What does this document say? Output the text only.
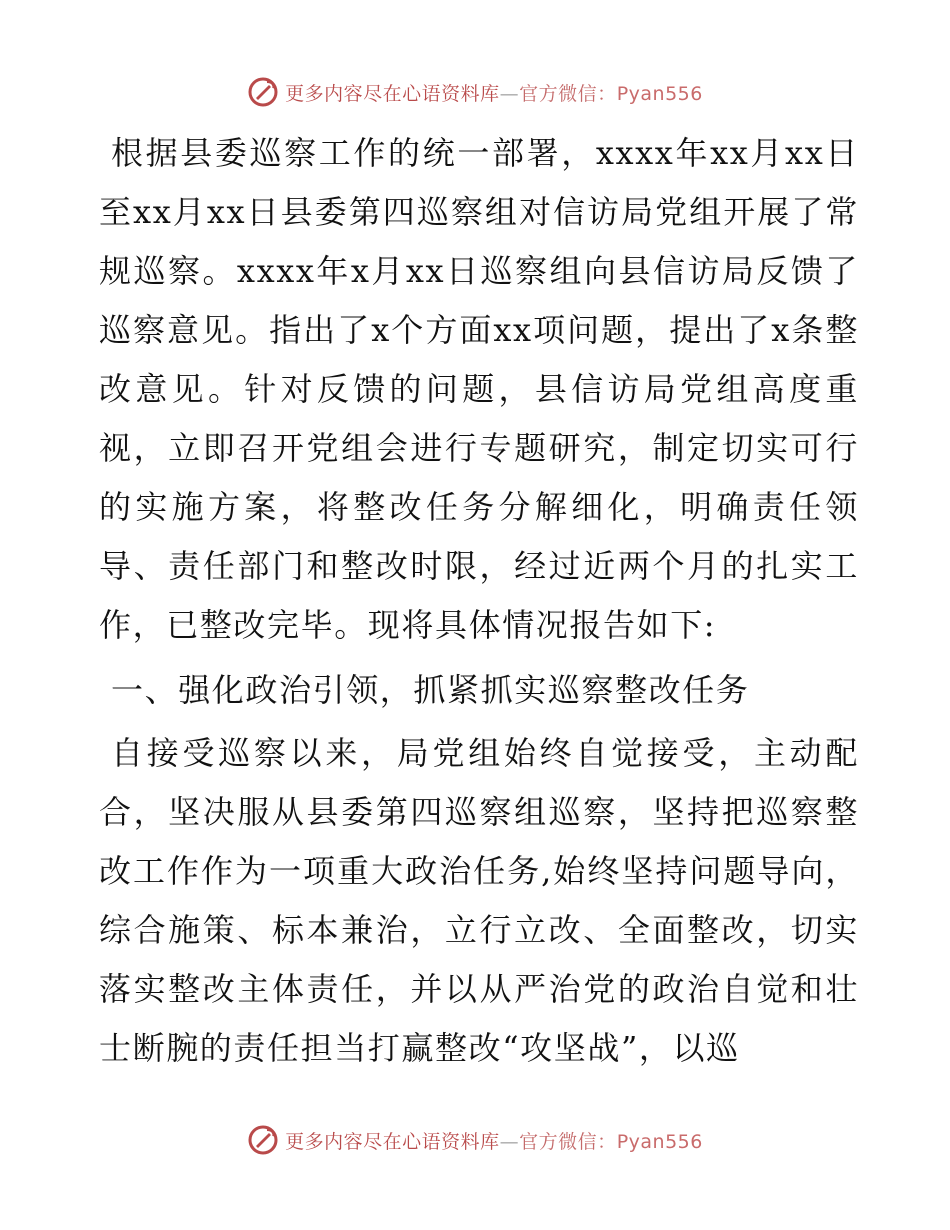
更多内容尽在心语资料库—官方微信：Pyan556

根据县委巡察工作的统一部署，xxxx年xx月xx日至xx月xx日县委第四巡察组对信访局党组开展了常规巡察。xxxx年x月xx日巡察组向县信访局反馈了巡察意见。指出了x个方面xx项问题，提出了x条整改意见。针对反馈的问题，县信访局党组高度重视，立即召开党组会进行专题研究，制定切实可行的实施方案，将整改任务分解细化，明确责任领导、责任部门和整改时限，经过近两个月的扎实工作，已整改完毕。现将具体情况报告如下:

一、强化政治引领，抓紧抓实巡察整改任务

自接受巡察以来，局党组始终自觉接受，主动配合，坚决服从县委第四巡察组巡察，坚持把巡察整改工作作为一项重大政治任务,始终坚持问题导向，综合施策、标本兼治，立行立改、全面整改，切实落实整改主体责任，并以从严治党的政治自觉和壮士断腕的责任担当打赢整改“攻坚战”，以巡

更多内容尽在心语资料库—官方微信：Pyan556
